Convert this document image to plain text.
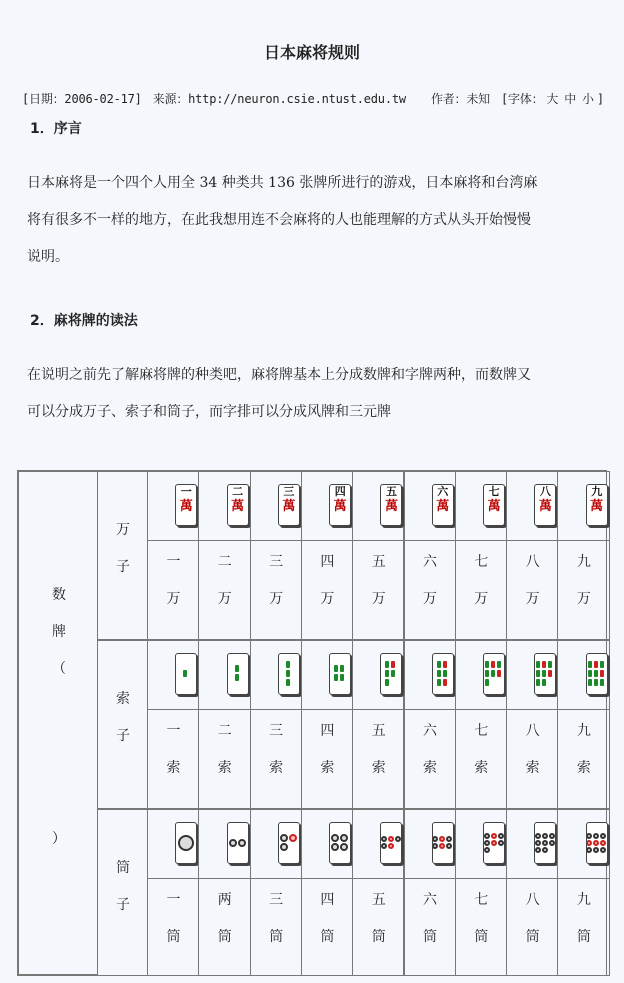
日本麻将规则
[日期：2006-02-17] 来源：http://neuron.csie.ntust.edu.tw 作者：未知 [字体： 大 中 小 ]
1．序言
日本麻将是一个四个人用全 34 种类共 136 张牌所进行的游戏，日本麻将和台湾麻
将有很多不一样的地方，在此我想用连不会麻将的人也能理解的方式从头开始慢慢
说明。
2．麻将牌的读法
在说明之前先了解麻将牌的种类吧，麻将牌基本上分成数牌和字牌两种，而数牌又
可以分成万子、索子和筒子，而字排可以分成风牌和三元牌
数
牌
（
）
万
子
一
萬
一
万
二
萬
二
万
三
萬
三
万
四
萬
四
万
五
萬
五
万
六
萬
六
万
七
萬
七
万
八
萬
八
万
九
萬
九
万
索
子	一
索
二
索
三
索
四
索
五
索
六
索
七
索
八
索
九
索
筒
子	一
筒
两
筒
三
筒
四
筒
五
筒
六
筒
七
筒
八
筒
九
筒
